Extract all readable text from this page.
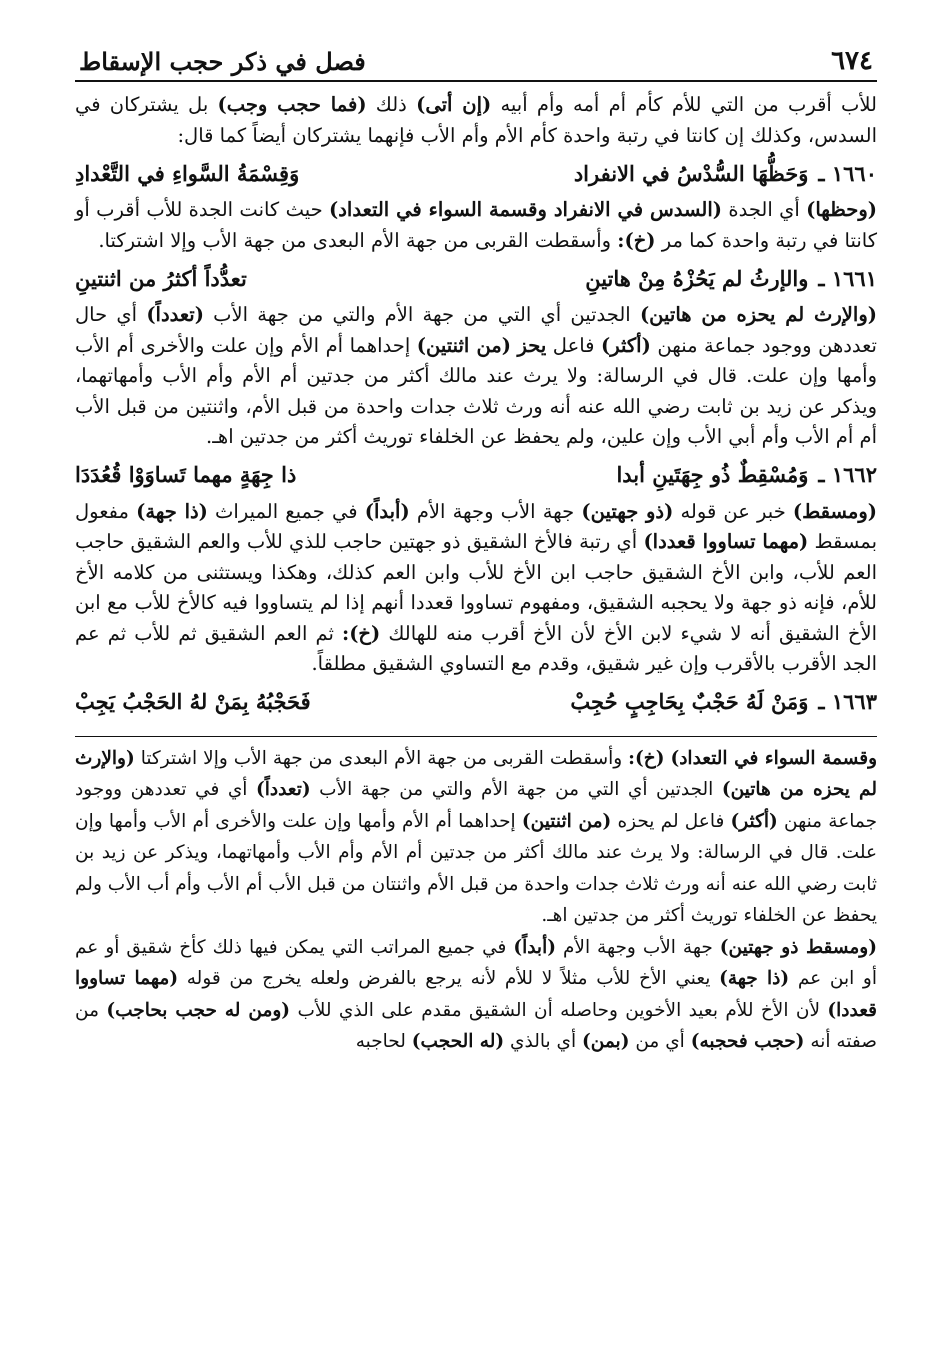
٦٧٤
فصل في ذكر حجب الإسقاط

للأب أقرب من التي للأم كأم أم أمه وأم أبيه (إن أتى) ذلك (فما حجب وجب) بل يشتركان في السدس، وكذلك إن كانتا في رتبة واحدة كأم الأم وأم الأب فإنهما يشتركان أيضاً كما قال:

١٦٦٠ ـ
وَحَظُّهَا السُّدْسُ في الانفراد
وَقِسْمَةُ السَّواءِ في التَّعْدادِ

(وحظها) أي الجدة (السدس في الانفراد وقسمة السواء في التعداد) حيث كانت الجدة للأب أقرب أو كانتا في رتبة واحدة كما مر (خ): وأسقطت القربى من جهة الأم البعدى من جهة الأب وإلا اشتركتا.

١٦٦١ ـ
والإرثُ لم يَحُزْهُ مِنْ هاتينِ
تعدُّداً أكثرُ من اثنتينِ

(والإرث لم يحزه من هاتين) الجدتين أي التي من جهة الأم والتي من جهة الأب (تعدداً) أي حال تعددهن ووجود جماعة منهن (أكثر) فاعل يحز (من اثنتين) إحداهما أم الأم وإن علت والأخرى أم الأب وأمها وإن علت. قال في الرسالة: ولا يرث عند مالك أكثر من جدتين أم الأم وأم الأب وأمهاتهما، ويذكر عن زيد بن ثابت رضي الله عنه أنه ورث ثلاث جدات واحدة من قبل الأم، واثنتين من قبل الأب أم أم الأب وأم أبي الأب وإن علين، ولم يحفظ عن الخلفاء توريث أكثر من جدتين اهـ.

١٦٦٢ ـ
وَمُسْقِطٌ ذُو جِهَتَينِ أبدا
ذا جِهَةٍ مهما تَساوَوْا قُعُدَدَا

(ومسقط) خبر عن قوله (ذو جهتين) جهة الأب وجهة الأم (أبداً) في جميع الميراث (ذا جهة) مفعول بمسقط (مهما تساووا قعددا) أي رتبة فالأخ الشقيق ذو جهتين حاجب للذي للأب والعم الشقيق حاجب العم للأب، وابن الأخ الشقيق حاجب ابن الأخ للأب وابن العم كذلك، وهكذا ويستثنى من كلامه الأخ للأم، فإنه ذو جهة ولا يحجبه الشقيق، ومفهوم تساووا قعددا أنهم إذا لم يتساووا فيه كالأخ للأب مع ابن الأخ الشقيق أنه لا شيء لابن الأخ لأن الأخ أقرب منه للهالك (خ): ثم العم الشقيق ثم للأب ثم عم الجد الأقرب بالأقرب وإن غير شقيق، وقدم مع التساوي الشقيق مطلقاً.

١٦٦٣ ـ
وَمَنْ لَهُ حَجْبٌ بِحَاجِبٍ حُجِبْ
فَحَجْبُهُ بِمَنْ لهُ الحَجْبُ يَجِبْ

وقسمة السواء في التعداد) (خ): وأسقطت القربى من جهة الأم البعدى من جهة الأب وإلا اشتركتا (والإرث لم يحزه من هاتين) الجدتين أي التي من جهة الأم والتي من جهة الأب (تعدداً) أي في تعددهن ووجود جماعة منهن (أكثر) فاعل لم يحزه (من اثنتين) إحداهما أم الأم وأمها وإن علت والأخرى أم الأب وأمها وإن علت. قال في الرسالة: ولا يرث عند مالك أكثر من جدتين أم الأم وأم الأب وأمهاتهما، ويذكر عن زيد بن ثابت رضي الله عنه أنه ورث ثلاث جدات واحدة من قبل الأم واثنتان من قبل الأب أم الأب وأم أب الأب ولم يحفظ عن الخلفاء توريث أكثر من جدتين اهـ.

(ومسقط ذو جهتين) جهة الأب وجهة الأم (أبداً) في جميع المراتب التي يمكن فيها ذلك كأخ شقيق أو عم أو ابن عم (ذا جهة) يعني الأخ للأب مثلاً لا للأم لأنه يرجع بالفرض ولعله يخرج من قوله (مهما تساووا قعددا) لأن الأخ للأم بعيد الأخوين وحاصله أن الشقيق مقدم على الذي للأب (ومن له حجب بحاجب) من صفته أنه (حجب فحجبه) أي من (بمن) أي بالذي (له الحجب) لحاجبه
